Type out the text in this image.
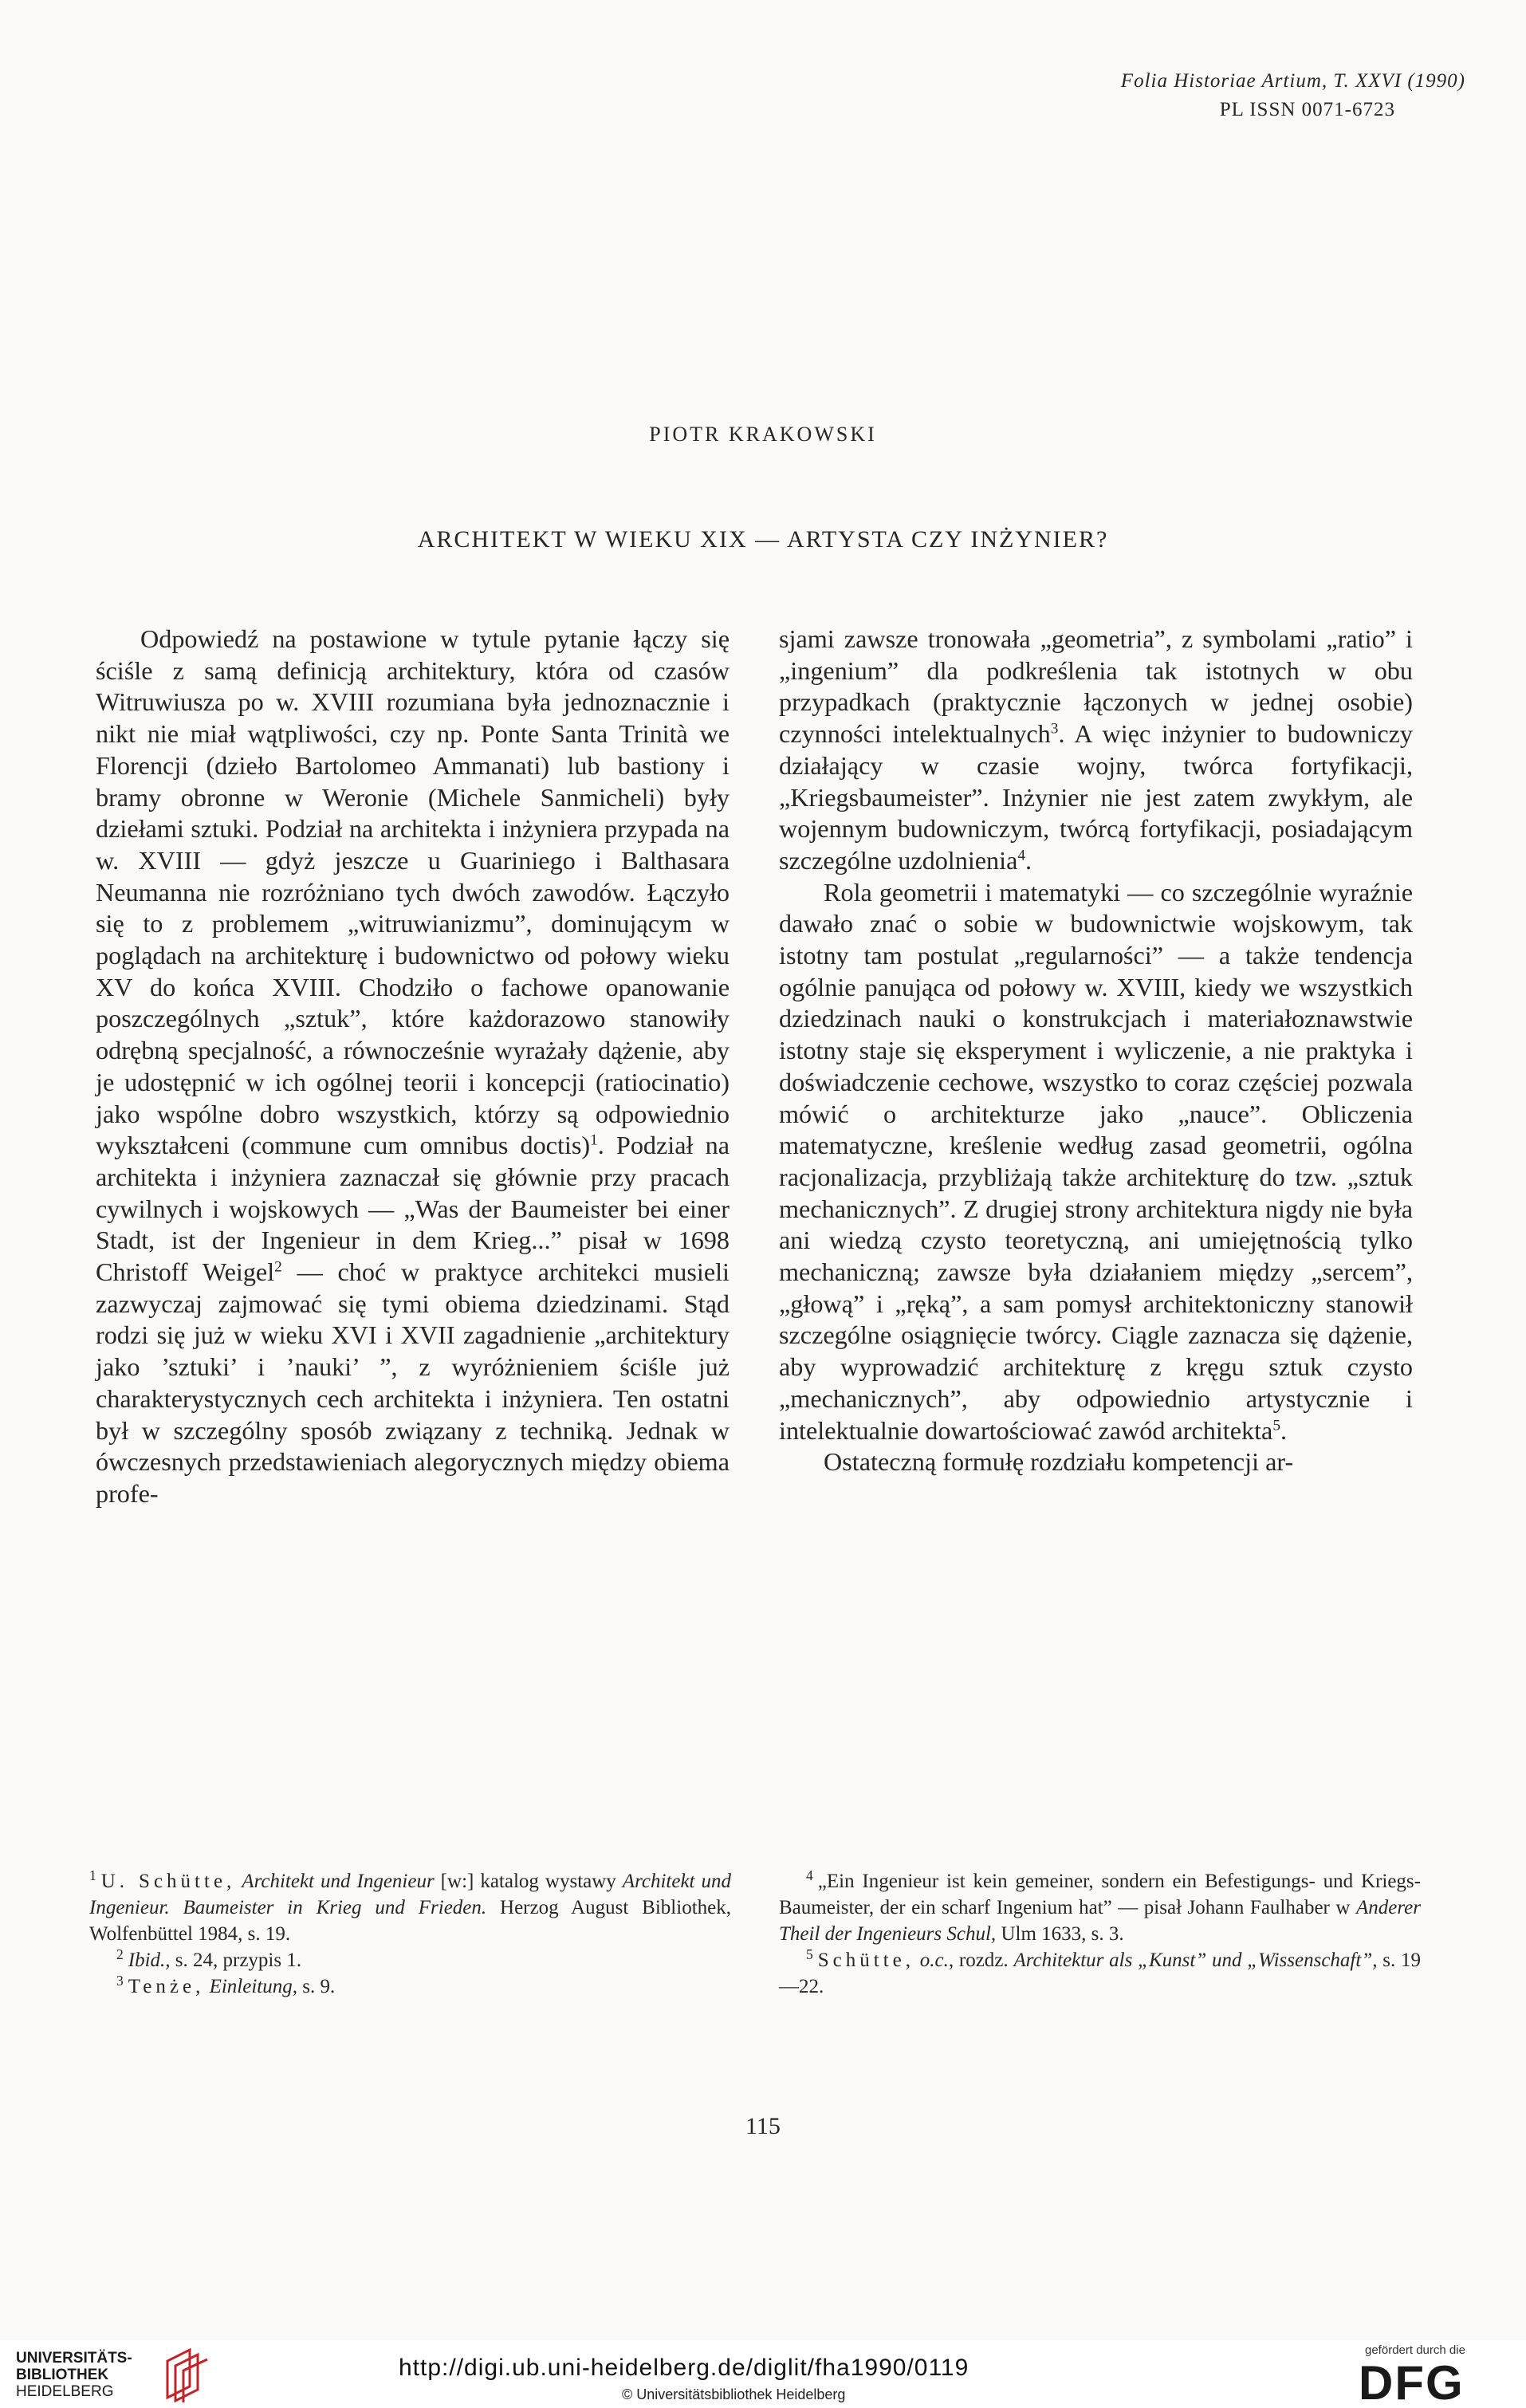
Folia Historiae Artium, T. XXVI (1990)
PL ISSN 0071-6723
PIOTR KRAKOWSKI
ARCHITEKT W WIEKU XIX — ARTYSTA CZY INŻYNIER?

Odpowiedź na postawione w tytule pytanie łączy się ściśle z samą definicją architektury, która od czasów Witruwiusza po w. XVIII rozumiana była jednoznacznie i nikt nie miał wątpliwości, czy np. Ponte Santa Trinità we Florencji (dzieło Bartolomeo Ammanati) lub bastiony i bramy obronne w Weronie (Michele Sanmicheli) były dziełami sztuki. Podział na architekta i inżyniera przypada na w. XVIII — gdyż jeszcze u Guariniego i Balthasara Neumanna nie rozróżniano tych dwóch zawodów. Łączyło się to z problemem „witruwianizmu”, dominującym w poglądach na architekturę i budownictwo od połowy wieku XV do końca XVIII. Chodziło o fachowe opanowanie poszczególnych „sztuk”, które każdorazowo stanowiły odrębną specjalność, a równocześnie wyrażały dążenie, aby je udostępnić w ich ogólnej teorii i koncepcji (ratiocinatio) jako wspólne dobro wszystkich, którzy są odpowiednio wykształceni (commune cum omnibus doctis)$^1$. Podział na architekta i inżyniera zaznaczał się głównie przy pracach cywilnych i wojskowych — „Was der Baumeister bei einer Stadt, ist der Ingenieur in dem Krieg...” pisał w 1698 Christoff Weigel$^2$ — choć w praktyce architekci musieli zazwyczaj zajmować się tymi obiema dziedzinami. Stąd rodzi się już w wieku XVI i XVII zagadnienie „architektury jako ’sztuki’ i ’nauki’ ”, z wyróżnieniem ściśle już charakterystycznych cech architekta i inżyniera. Ten ostatni był w szczególny sposób związany z techniką. Jednak w ówczesnych przedstawieniach alegorycznych między obiema profe-

sjami zawsze tronowała „geometria”, z symbolami „ratio” i „ingenium” dla podkreślenia tak istotnych w obu przypadkach (praktycznie łączonych w jednej osobie) czynności intelektualnych$^3$. A więc inżynier to budowniczy działający w czasie wojny, twórca fortyfikacji, „Kriegsbaumeister”. Inżynier nie jest zatem zwykłym, ale wojennym budowniczym, twórcą fortyfikacji, posiadającym szczególne uzdolnienia$^4$.

Rola geometrii i matematyki — co szczególnie wyraźnie dawało znać o sobie w budownictwie wojskowym, tak istotny tam postulat „regularności” — a także tendencja ogólnie panująca od połowy w. XVIII, kiedy we wszystkich dziedzinach nauki o konstrukcjach i materiałoznawstwie istotny staje się eksperyment i wyliczenie, a nie praktyka i doświadczenie cechowe, wszystko to coraz częściej pozwala mówić o architekturze jako „nauce”. Obliczenia matematyczne, kreślenie według zasad geometrii, ogólna racjonalizacja, przybliżają także architekturę do tzw. „sztuk mechanicznych”. Z drugiej strony architektura nigdy nie była ani wiedzą czysto teoretyczną, ani umiejętnością tylko mechaniczną; zawsze była działaniem między „sercem”, „głową” i „ręką”, a sam pomysł architektoniczny stanowił szczególne osiągnięcie twórcy. Ciągle zaznacza się dążenie, aby wyprowadzić architekturę z kręgu sztuk czysto „mechanicznych”, aby odpowiednio artystycznie i intelektualnie dowartościować zawód architekta$^5$.

Ostateczną formułę rozdziału kompetencji ar-

$^1$ U. Schütte, Architekt und Ingenieur [w:] katalog wystawy Architekt und Ingenieur. Baumeister in Krieg und Frieden. Herzog August Bibliothek, Wolfenbüttel 1984, s. 19.

$^2$ Ibid., s. 24, przypis 1.

$^3$ Tenże, Einleitung, s. 9.

$^4$ „Ein Ingenieur ist kein gemeiner, sondern ein Befestigungs- und Kriegs-Baumeister, der ein scharf Ingenium hat” — pisał Johann Faulhaber w Anderer Theil der Ingenieurs Schul, Ulm 1633, s. 3.

$^5$ Schütte, o.c., rozdz. Architektur als „Kunst” und „Wissenschaft”, s. 19—22.

115
UNIVERSITÄTS-
BIBLIOTHEK
HEIDELBERG
http://digi.ub.uni-heidelberg.de/diglit/fha1990/0119
© Universitätsbibliothek Heidelberg
gefördert durch die
DFG
